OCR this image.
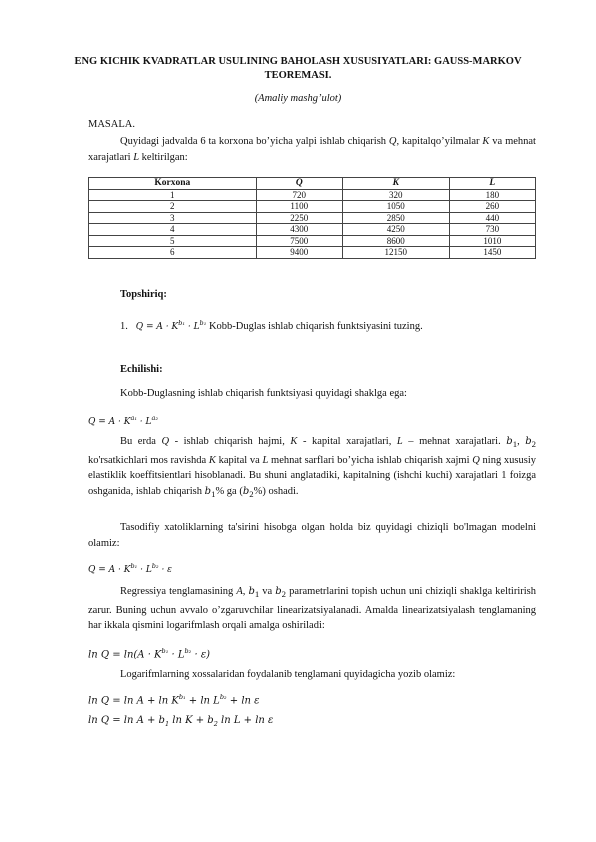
ENG KICHIK KVADRATLAR USULINING BAHOLASH XUSUSIYATLARI: GAUSS-MARKOV TEOREMASI.
(Amaliy mashg’ulot)
MASALA.
Quyidagi jadvalda 6 ta korxona bo’yicha yalpi ishlab chiqarish Q, kapitalqo’yilmalar K va mehnat xarajatlari L keltirilgan:
Korxona	Q	K	L
1	720	320	180
2	1100	1050	260
3	2250	2850	440
4	4300	4250	730
5	7500	8600	1010
6	9400	12150	1450
Topshiriq:
1. $Q = A \cdot K^{b_1} \cdot L^{b_1}$ Kobb-Duglas ishlab chiqarish funktsiyasini tuzing.
Echilishi:
Kobb-Duglasning ishlab chiqarish funktsiyasi quyidagi shaklga ega:
$Q = A \cdot K^{a_1} \cdot L^{a_2}$
Bu erda Q - ishlab chiqarish hajmi, K - kapital xarajatlari, L – mehnat xarajatlari. $b_1$, $b_2$ ko'rsatkichlari mos ravishda K kapital va L mehnat sarflari bo’yicha ishlab chiqarish xajmi Q ning xususiy elastiklik koeffitsientlari hisoblanadi. Bu shuni anglatadiki, kapitalning (ishchi kuchi) xarajatlari 1 foizga oshganida, ishlab chiqarish $b_1\%$ ga $(b_2\%)$ oshadi.
Tasodifiy xatoliklarning ta'sirini hisobga olgan holda biz quyidagi chiziqli bo'lmagan modelni olamiz:
$Q = A \cdot K^{b_1} \cdot L^{b_2} \cdot \varepsilon$
Regressiya tenglamasining A, $b_1$ va $b_2$ parametrlarini topish uchun uni chiziqli shaklga keltirirish zarur. Buning uchun avvalo o’zgaruvchilar linearizatsiyalanadi. Amalda linearizatsiyalash tenglamaning har ikkala qismini logarifmlash orqali amalga oshiriladi:
$\ln Q = \ln(A \cdot K^{b_1} \cdot L^{b_2} \cdot \varepsilon)$
Logarifmlarning xossalaridan foydalanib tenglamani quyidagicha yozib olamiz:
$\ln Q = \ln A + \ln K^{b_1} + \ln L^{b_2} + \ln \varepsilon$
$\ln Q = \ln A + b_1$ $\ln K + b_2$ ln L + ln ε
